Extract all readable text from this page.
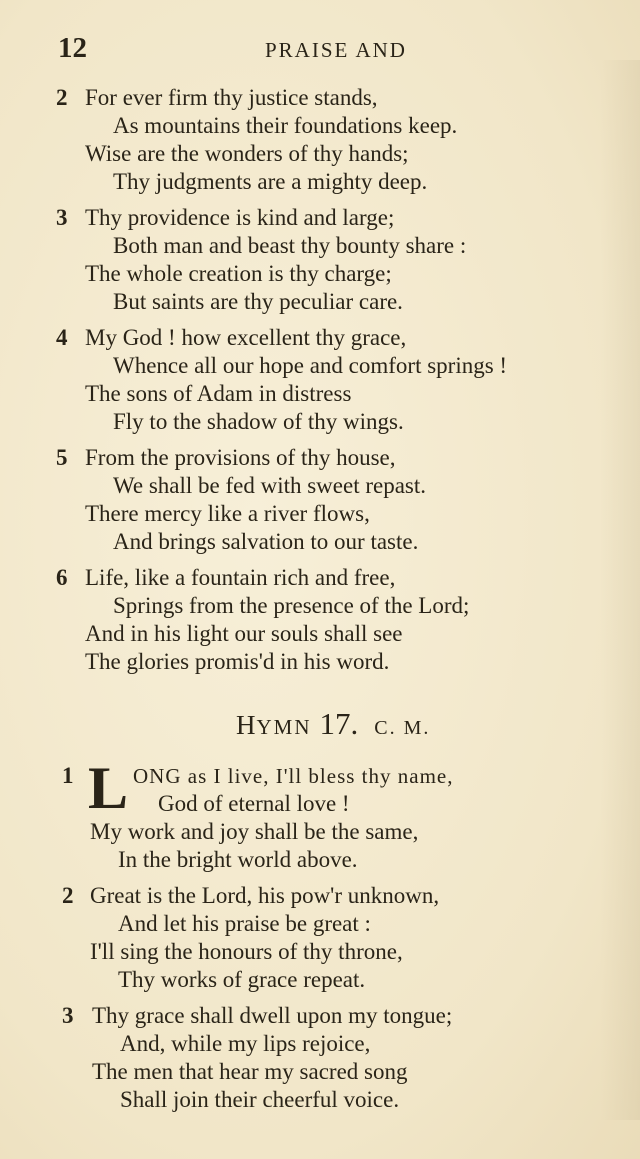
12	PRAISE AND
2 For ever firm thy justice stands,
As mountains their foundations keep.
Wise are the wonders of thy hands;
Thy judgments are a mighty deep.
3 Thy providence is kind and large;
Both man and beast thy bounty share :
The whole creation is thy charge;
But saints are thy peculiar care.
4 My God ! how excellent thy grace,
Whence all our hope and comfort springs !
The sons of Adam in distress
Fly to the shadow of thy wings.
5 From the provisions of thy house,
We shall be fed with sweet repast.
There mercy like a river flows,
And brings salvation to our taste.
6 Life, like a fountain rich and free,
Springs from the presence of the Lord;
And in his light our souls shall see
The glories promis'd in his word.
HYMN 17. C. M.
1 L ONG as I live, I'll bless thy name,
God of eternal love !
My work and joy shall be the same,
In the bright world above.
2 Great is the Lord, his pow'r unknown,
And let his praise be great :
I'll sing the honours of thy throne,
Thy works of grace repeat.
3 Thy grace shall dwell upon my tongue;
And, while my lips rejoice,
The men that hear my sacred song
Shall join their cheerful voice.
